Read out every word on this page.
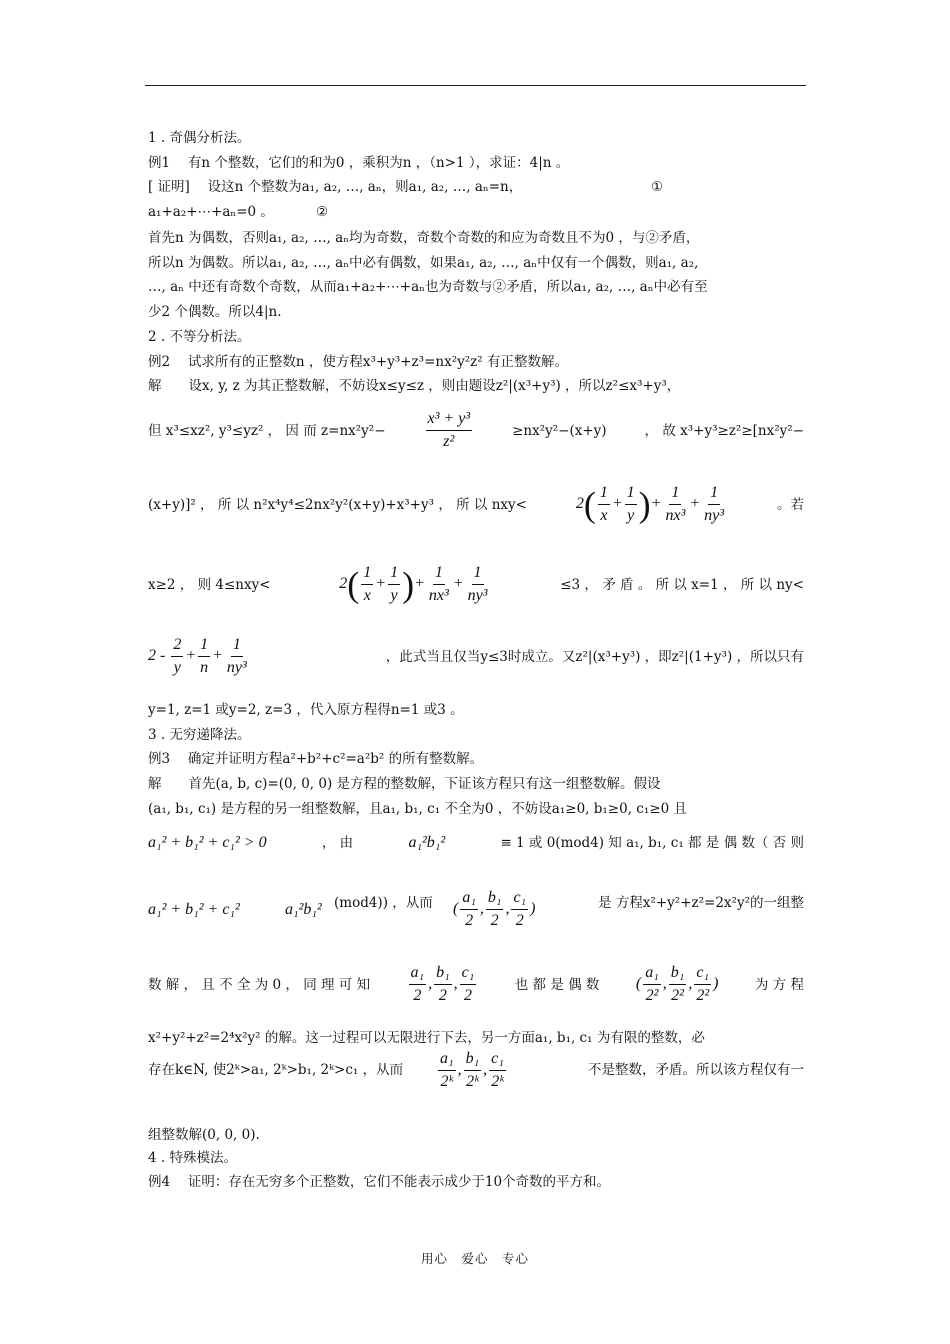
1 . 奇偶分析法。
例1　 有n 个整数，它们的和为0 ，乘积为n ，（n>1 ），求证：4|n 。
[ 证明]　 设这n 个整数为a₁, a₂, …, aₙ，则a₁, a₂, …, aₙ=n，	①
a₁+a₂+⋯+aₙ=0 。	②
首先n 为偶数，否则a₁, a₂, …, aₙ均为奇数，奇数个奇数的和应为奇数且不为0 ，与②矛盾，
所以n 为偶数。所以a₁, a₂, …, aₙ中必有偶数，如果a₁, a₂, …, aₙ中仅有一个偶数，则a₁, a₂,
…, aₙ 中还有奇数个奇数，从而a₁+a₂+⋯+aₙ也为奇数与②矛盾，所以a₁, a₂, …, aₙ中必有至
少2 个偶数。所以4|n.
2 . 不等分析法。
例2　 试求所有的正整数n ，使方程x³+y³+z³=nx²y²z² 有正整数解。
解　　设x, y, z 为其正整数解，不妨设x≤y≤z ，则由题设z²|(x³+y³) ，所以z²≤x³+y³，
但 x³≤xz², y³≤yz² ， 因 而 $z=nx^2y^2- \frac{\text{x³ + y³}}{\text{z²}}$	≥nx²y²−(x+y)	， 故 x³+y³≥z²≥[nx²y²−
(x+y)]² ， 所 以 n²x⁴y⁴≤2nx²y²(x+y)+x³+y³ ， 所 以 nxy<	$2( \frac{1}{x} + \frac{1}{y}$ )+ $\frac{1}{\text{nx³}} + \frac{1}{\text{ny³}}$	。若
x≥2 ， 则 4≤nxy<	$2( \frac{1}{x} + \frac{1}{y}$ )+ $\frac{1}{\text{nx³}} + \frac{1}{\text{ny³}}$	≤3 ， 矛 盾 。 所 以 x=1 ， 所 以 ny<
$2 - \frac{2}{y} + \frac{1}{n} + \frac{1}{\text{ny³}}$	，此式当且仅当y≤3时成立。又z²|(x³+y³) ，即z²|(1+y³) ，所以只有
y=1, z=1 或y=2, z=3 ，代入原方程得n=1 或3 。
3 . 无穷递降法。
例3　 确定并证明方程a²+b²+c²=a²b² 的所有整数解。
解　　首先(a, b, c)=(0, 0, 0) 是方程的整数解，下证该方程只有这一组整数解。假设
(a₁, b₁, c₁) 是方程的另一组整数解，且a₁, b₁, c₁ 不全为0 ，不妨设a₁≥0, b₁≥0, c₁≥0 且
a₁² + b₁² + c₁² > 0	， 由	a₁²b₁²	≡ 1 或 0(mod4) 知 a₁, b₁, c₁ 都 是 偶 数（ 否 则
a₁² + b₁² + c₁²	a₁²b₁² (mod4)) ，从而 ( $\frac{\text{a₁}}{2}$ , $\frac{\text{b₁}}{2}$ , $\frac{\text{c₁}}{2}$ )	是 方程x²+y²+z²=2x²y²的一组整
数 解 ， 且 不 全 为 0 ， 同 理 可 知 $\frac{\text{a₁}}{2}$ , $\frac{\text{b₁}}{2}$ , $\frac{\text{c₁}}{2}$	也 都 是 偶 数 ( $\frac{\text{a₁}}{\text{2²}}$ , $\frac{\text{b₁}}{\text{2²}}$ , $\frac{\text{c₁}}{\text{2²}}$ )	为 方 程
x²+y²+z²=2⁴x²y² 的解。这一过程可以无限进行下去，另一方面a₁, b₁, c₁ 为有限的整数，必
存在k∈N, 使2ᵏ>a₁, 2ᵏ>b₁, 2ᵏ>c₁ ，从而 $\frac{\text{a₁}}{\text{2ᵏ}}$ , $\frac{\text{b₁}}{\text{2ᵏ}}$ , $\frac{\text{c₁}}{\text{2ᵏ}}$	不是整数，矛盾。所以该方程仅有一
组整数解(0, 0, 0).
4 . 特殊模法。
例4　 证明：存在无穷多个正整数，它们不能表示成少于10个奇数的平方和。
用心　爱心　专心
